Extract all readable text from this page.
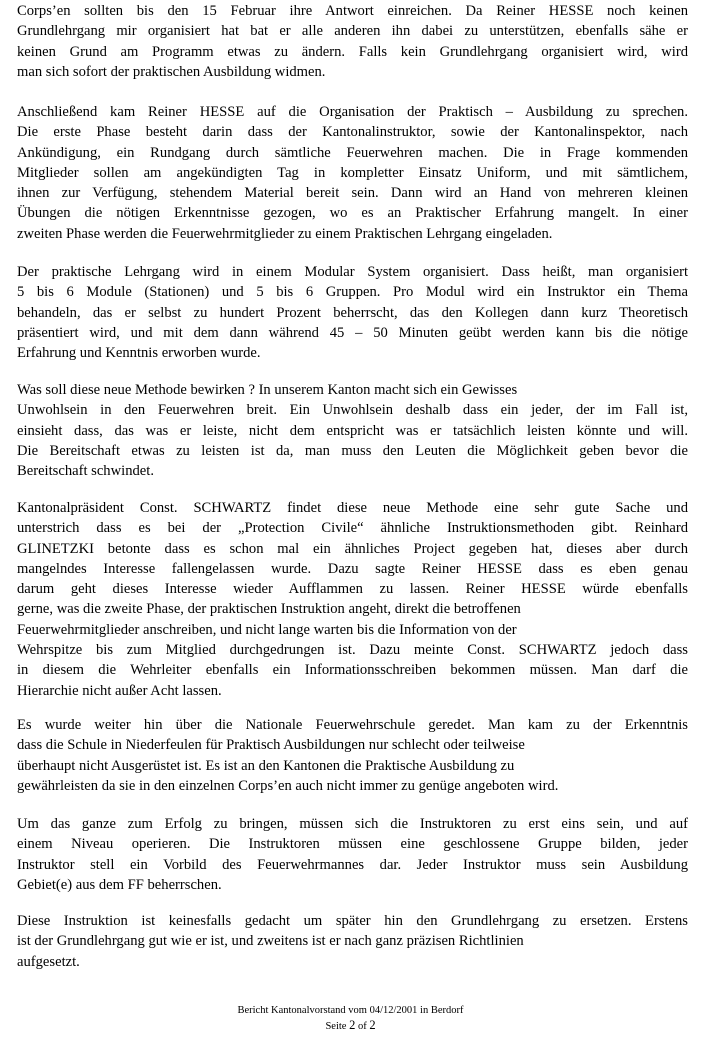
Corps’en sollten bis den 15 Februar ihre Antwort einreichen. Da Reiner HESSE noch keinen
Grundlehrgang mir organisiert hat bat er alle anderen ihn dabei zu unterstützen, ebenfalls sähe er
keinen Grund am Programm etwas zu ändern. Falls kein Grundlehrgang organisiert wird, wird
man sich sofort der praktischen Ausbildung widmen.

Anschließend kam Reiner HESSE auf die Organisation der Praktisch – Ausbildung zu sprechen.
Die erste Phase besteht darin dass der Kantonalinstruktor, sowie der Kantonalinspektor, nach
Ankündigung, ein Rundgang durch sämtliche Feuerwehren machen. Die in Frage kommenden
Mitglieder sollen am angekündigten Tag in kompletter Einsatz Uniform, und mit sämtlichem,
ihnen zur Verfügung, stehendem Material bereit sein. Dann wird an Hand von mehreren kleinen
Übungen die nötigen Erkenntnisse gezogen, wo es an Praktischer Erfahrung mangelt. In einer
zweiten Phase werden die Feuerwehrmitglieder zu einem Praktischen Lehrgang eingeladen.

Der praktische Lehrgang wird in einem Modular System organisiert. Dass heißt, man organisiert
5 bis 6 Module (Stationen) und 5 bis 6 Gruppen. Pro Modul wird ein Instruktor ein Thema
behandeln, das er selbst zu hundert Prozent beherrscht, das den Kollegen dann kurz Theoretisch
präsentiert wird, und mit dem dann während 45 – 50 Minuten geübt werden kann bis die nötige
Erfahrung und Kenntnis erworben wurde.

Was soll diese neue Methode bewirken ? In unserem Kanton macht sich ein Gewisses
Unwohlsein in den Feuerwehren breit. Ein Unwohlsein deshalb dass ein jeder, der im Fall ist,
einsieht dass, das was er leiste, nicht dem entspricht was er tatsächlich leisten könnte und will.
Die Bereitschaft etwas zu leisten ist da, man muss den Leuten die Möglichkeit geben bevor die
Bereitschaft schwindet.

Kantonalpräsident Const. SCHWARTZ findet diese neue Methode eine sehr gute Sache und
unterstrich dass es bei der „Protection Civile“ ähnliche Instruktionsmethoden gibt. Reinhard
GLINETZKI betonte dass es schon mal ein ähnliches Project gegeben hat, dieses aber durch
mangelndes Interesse fallengelassen wurde. Dazu sagte Reiner HESSE dass es eben genau
darum geht dieses Interesse wieder Aufflammen zu lassen. Reiner HESSE würde ebenfalls
gerne, was die zweite Phase, der praktischen Instruktion angeht, direkt die betroffenen
Feuerwehrmitglieder anschreiben, und nicht lange warten bis die Information von der
Wehrspitze bis zum Mitglied durchgedrungen ist. Dazu meinte Const. SCHWARTZ jedoch dass
in diesem die Wehrleiter ebenfalls ein Informationsschreiben bekommen müssen. Man darf die
Hierarchie nicht außer Acht lassen.

Es wurde weiter hin über die Nationale Feuerwehrschule geredet. Man kam zu der Erkenntnis
dass die Schule in Niederfeulen für Praktisch Ausbildungen nur schlecht oder teilweise
überhaupt nicht Ausgerüstet ist. Es ist an den Kantonen die Praktische Ausbildung zu
gewährleisten da sie in den einzelnen Corps’en auch nicht immer zu genüge angeboten wird.

Um das ganze zum Erfolg zu bringen, müssen sich die Instruktoren zu erst eins sein, und auf
einem Niveau operieren. Die Instruktoren müssen eine geschlossene Gruppe bilden, jeder
Instruktor stell ein Vorbild des Feuerwehrmannes dar. Jeder Instruktor muss sein Ausbildung
Gebiet(e) aus dem FF beherrschen.

Diese Instruktion ist keinesfalls gedacht um später hin den Grundlehrgang zu ersetzen. Erstens
ist der Grundlehrgang gut wie er ist, und zweitens ist er nach ganz präzisen Richtlinien
aufgesetzt.

Bericht Kantonalvorstand vom 04/12/2001 in Berdorf
Seite 2 of 2
